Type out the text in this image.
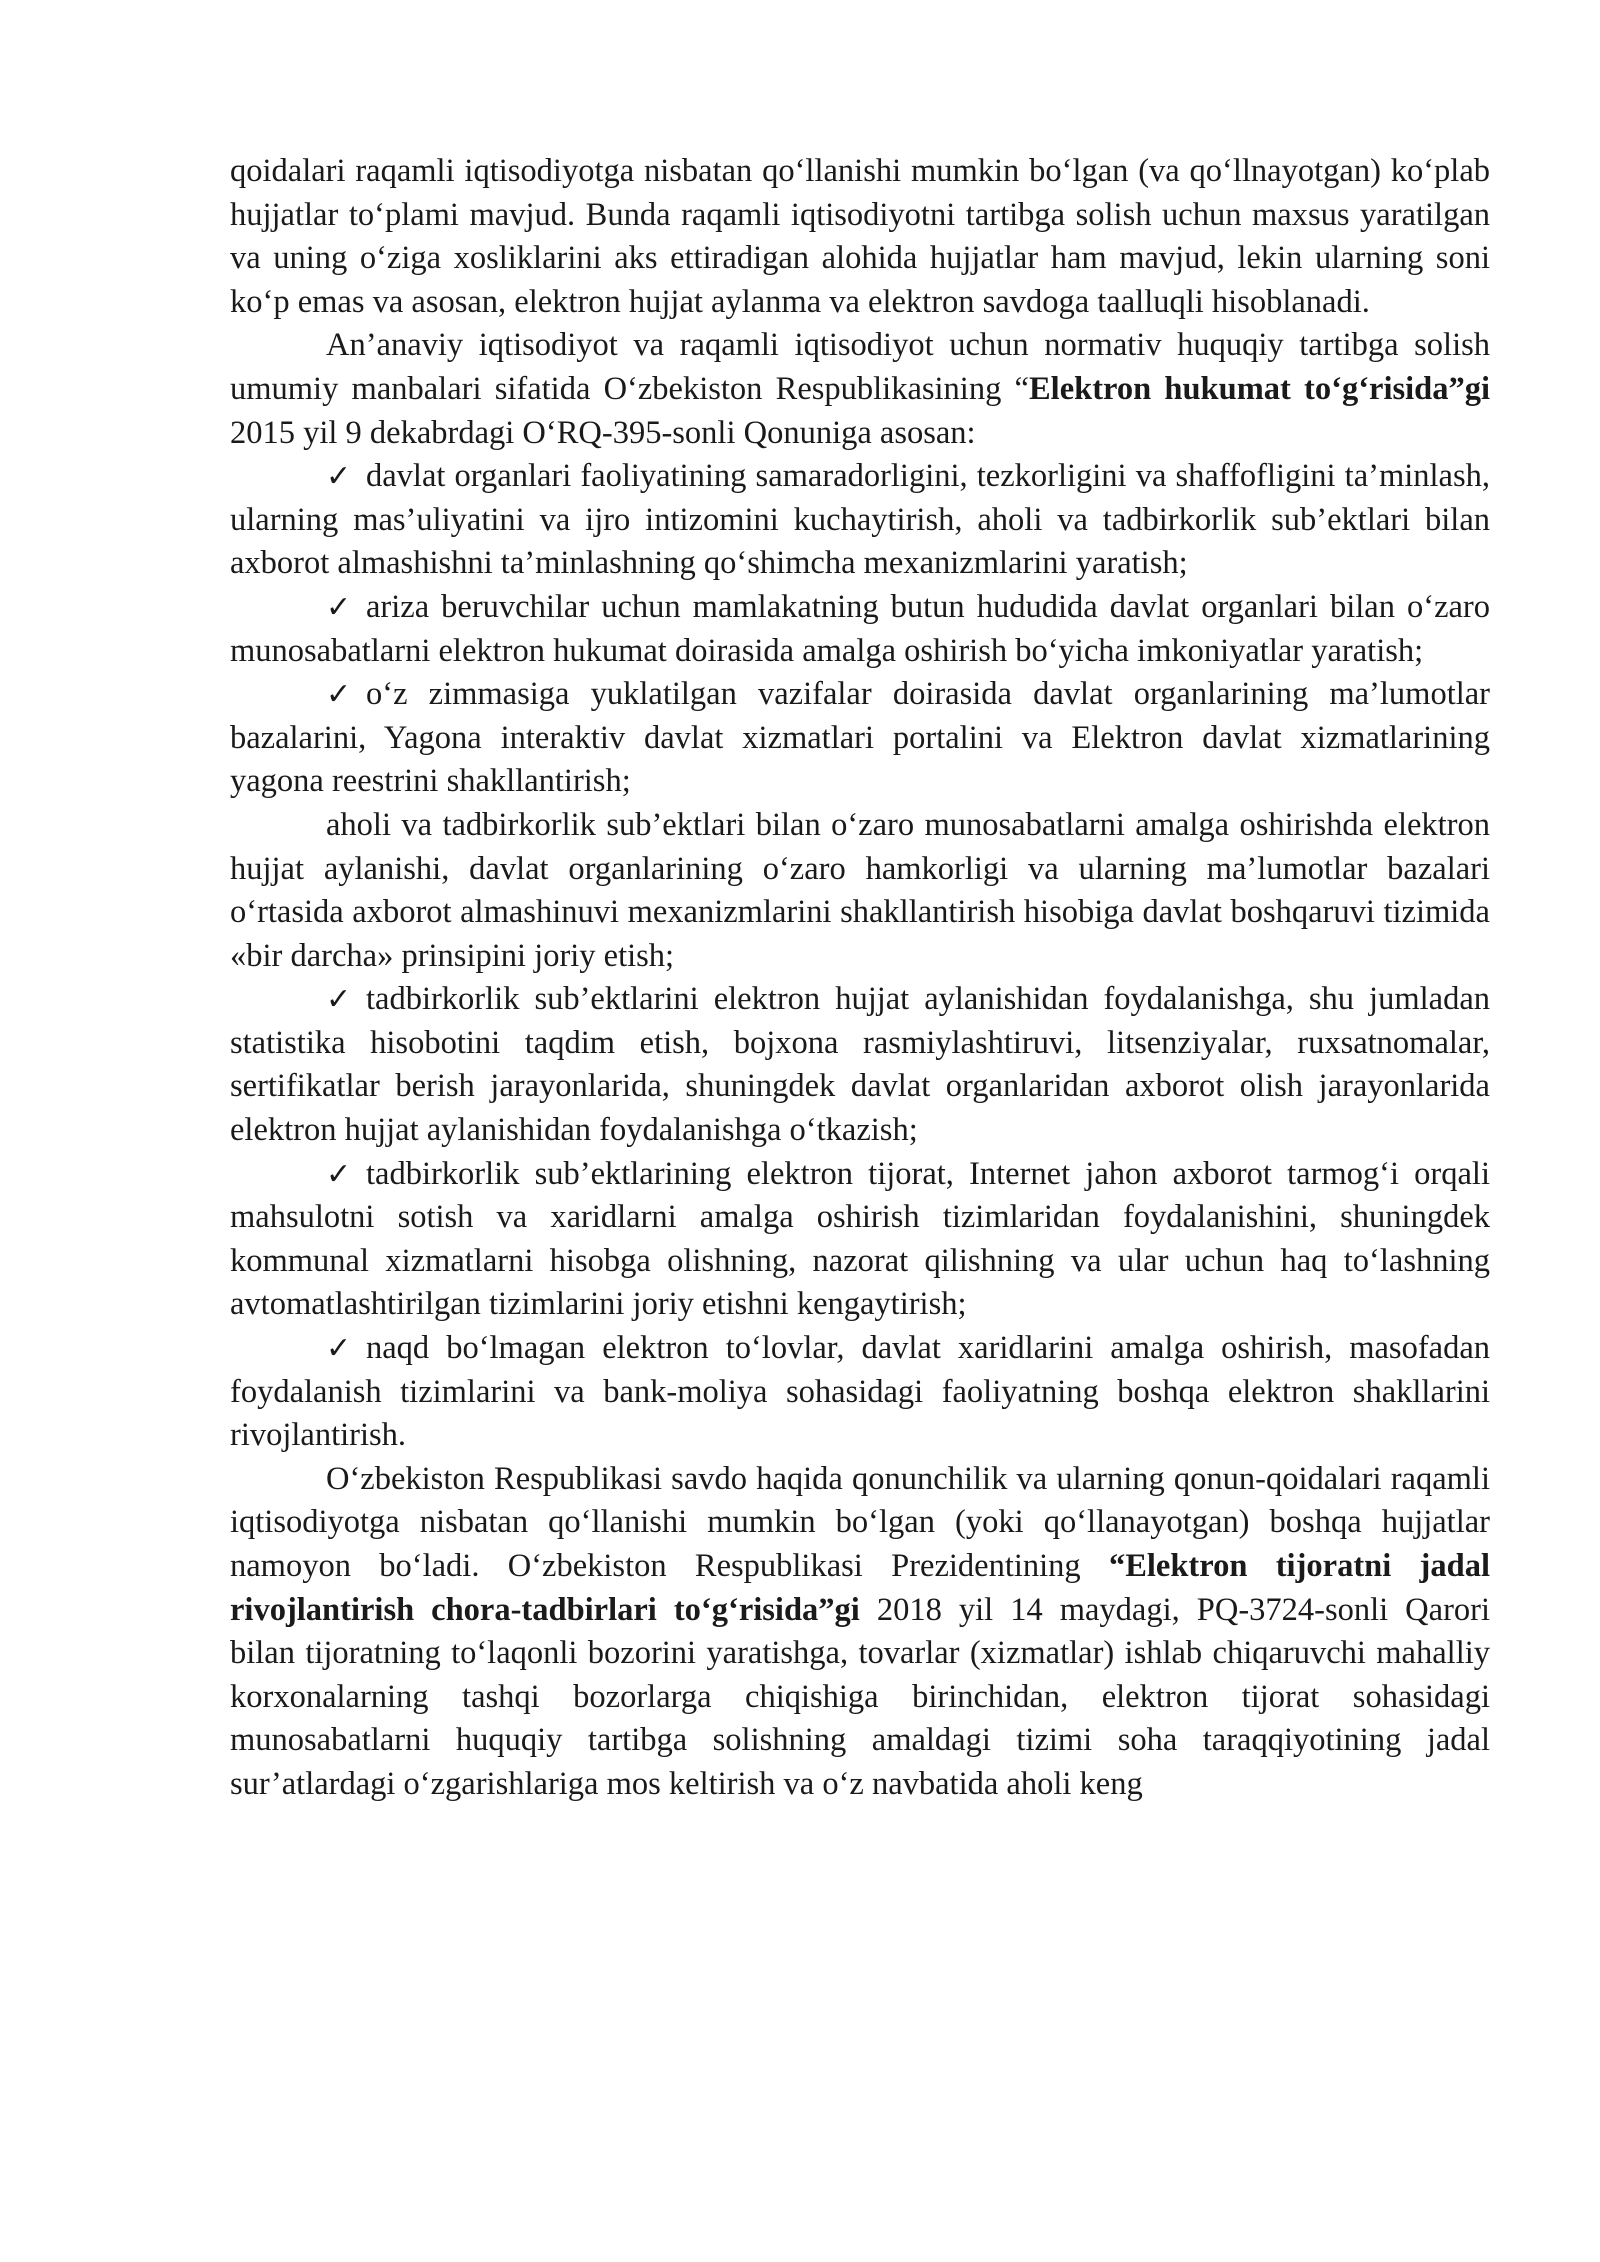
qoidalari raqamli iqtisodiyotga nisbatan qoʻllanishi mumkin boʻlgan (va qoʻllnayotgan) koʻplab hujjatlar toʻplami mavjud. Bunda raqamli iqtisodiyotni tartibga solish uchun maxsus yaratilgan va uning oʻziga xosliklarini aks ettiradigan alohida hujjatlar ham mavjud, lekin ularning soni koʻp emas va asosan, elektron hujjat aylanma va elektron savdoga taalluqli hisoblanadi.

An’anaviy iqtisodiyot va raqamli iqtisodiyot uchun normativ huquqiy tartibga solish umumiy manbalari sifatida Oʻzbekiston Respublikasining “Elektron hukumat toʻgʻrisida”gi 2015 yil 9 dekabrdagi OʻRQ-395-sonli Qonuniga asosan:

✓ davlat organlari faoliyatining samaradorligini, tezkorligini va shaffofligini ta’minlash, ularning mas’uliyatini va ijro intizomini kuchaytirish, aholi va tadbirkorlik sub’ektlari bilan axborot almashishni ta’minlashning qoʻshimcha mexanizmlarini yaratish;

✓ ariza beruvchilar uchun mamlakatning butun hududida davlat organlari bilan oʻzaro munosabatlarni elektron hukumat doirasida amalga oshirish boʻyicha imkoniyatlar yaratish;

✓ oʻz zimmasiga yuklatilgan vazifalar doirasida davlat organlarining ma’lumotlar bazalarini, Yagona interaktiv davlat xizmatlari portalini va Elektron davlat xizmatlarining yagona reestrini shakllantirish;

aholi va tadbirkorlik sub’ektlari bilan oʻzaro munosabatlarni amalga oshirishda elektron hujjat aylanishi, davlat organlarining oʻzaro hamkorligi va ularning ma’lumotlar bazalari oʻrtasida axborot almashinuvi mexanizmlarini shakllantirish hisobiga davlat boshqaruvi tizimida «bir darcha» prinsipini joriy etish;

✓ tadbirkorlik sub’ektlarini elektron hujjat aylanishidan foydalanishga, shu jumladan statistika hisobotini taqdim etish, bojxona rasmiylashtiruvi, litsenziyalar, ruxsatnomalar, sertifikatlar berish jarayonlarida, shuningdek davlat organlaridan axborot olish jarayonlarida elektron hujjat aylanishidan foydalanishga oʻtkazish;

✓ tadbirkorlik sub’ektlarining elektron tijorat, Internet jahon axborot tarmogʻi orqali mahsulotni sotish va xaridlarni amalga oshirish tizimlaridan foydalanishini, shuningdek kommunal xizmatlarni hisobga olishning, nazorat qilishning va ular uchun haq toʻlashning avtomatlashtirilgan tizimlarini joriy etishni kengaytirish;

✓ naqd boʻlmagan elektron toʻlovlar, davlat xaridlarini amalga oshirish, masofadan foydalanish tizimlarini va bank-moliya sohasidagi faoliyatning boshqa elektron shakllarini rivojlantirish.

Oʻzbekiston Respublikasi savdo haqida qonunchilik va ularning qonun-qoidalari raqamli iqtisodiyotga nisbatan qoʻllanishi mumkin boʻlgan (yoki qoʻllanayotgan) boshqa hujjatlar namoyon boʻladi. Oʻzbekiston Respublikasi Prezidentining “Elektron tijoratni jadal rivojlantirish chora-tadbirlari toʻgʻrisida”gi 2018 yil 14 maydagi, PQ-3724-sonli Qarori bilan tijoratning toʻlaqonli bozorini yaratishga, tovarlar (xizmatlar) ishlab chiqaruvchi mahalliy korxonalarning tashqi bozorlarga chiqishiga birinchidan, elektron tijorat sohasidagi munosabatlarni huquqiy tartibga solishning amaldagi tizimi soha taraqqiyotining jadal sur’atlardagi oʻzgarishlariga mos keltirish va oʻz navbatida aholi keng
